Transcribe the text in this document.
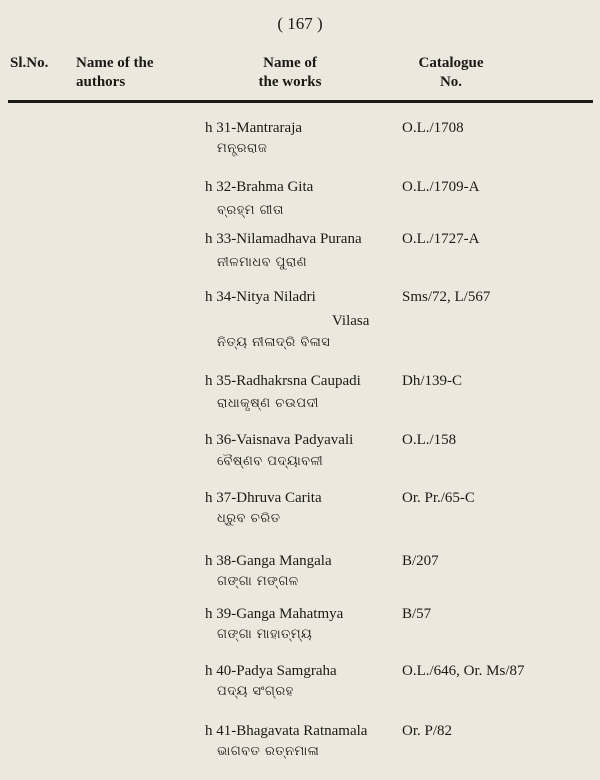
( 167 )
Sl.No. Name of the
authors
Name of
the works
Catalogue
No.
h 31-Mantraraja
ମନ୍ତ୍ରରାଜ
O.L./1708
h 32-Brahma Gita
ବ୍ରହ୍ମ ଗୀତା
O.L./1709-A
h 33-Nilamadhava Purana
ନୀଳମାଧବ ପୁରାଣ
O.L./1727-A
h 34-Nitya Niladri
Vilasa
ନିତ୍ୟ ନୀଳାଦ୍ରି ବିଳାସ
Sms/72, L/567
h 35-Radhakrsna Caupadi
ରାଧାକୃଷ୍ଣ ଚଉପଦୀ
Dh/139-C
h 36-Vaisnava Padyavali
ବୈଷ୍ଣବ ପଦ୍ୟାବଳୀ
O.L./158
h 37-Dhruva Carita
ଧ୍ରୁବ ଚରିତ
Or. Pr./65-C
h 38-Ganga Mangala
ଗଙ୍ଗା ମଙ୍ଗଳ
B/207
h 39-Ganga Mahatmya
ଗଙ୍ଗା ମାହାତ୍ମ୍ୟ
B/57
h 40-Padya Samgraha
ପଦ୍ୟ ସଂଗ୍ରହ
O.L./646, Or. Ms/87
h 41-Bhagavata Ratnamala
ଭାଗବତ ରତ୍ନମାଳା
Or. P/82
